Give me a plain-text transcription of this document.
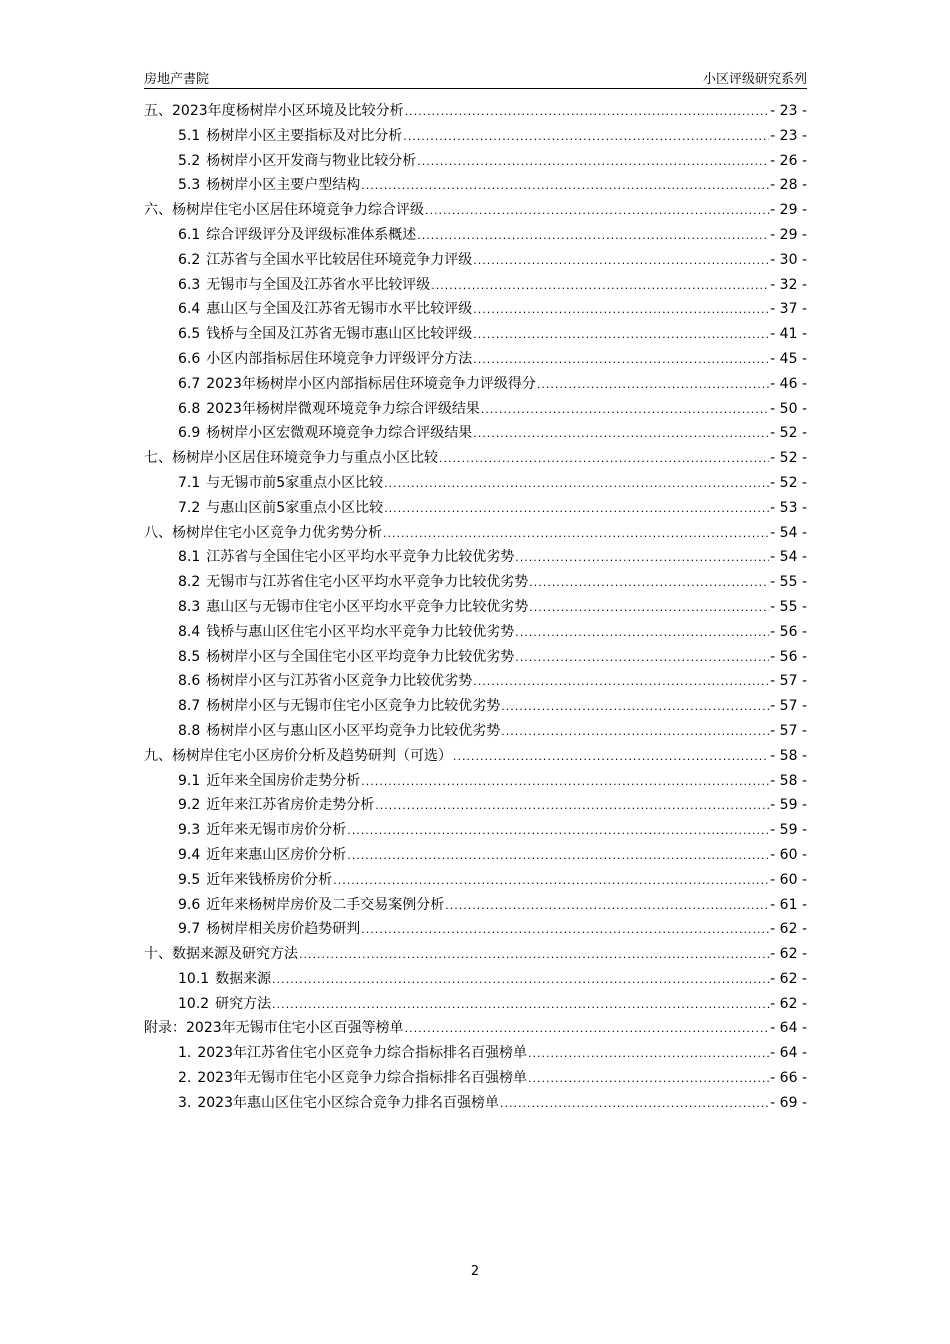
房地产書院	小区评级研究系列
五、 2023年度杨树岸小区环境及比较分析 .....	- 23 -
5.1 杨树岸小区主要指标及对比分析 .....	- 23 -
5.2 杨树岸小区开发商与物业比较分析 .....	- 26 -
5.3 杨树岸小区主要户型结构 .....	- 28 -
六、 杨树岸住宅小区居住环境竞争力综合评级 .....	- 29 -
6.1 综合评级评分及评级标准体系概述 .....	- 29 -
6.2 江苏省与全国水平比较居住环境竞争力评级 .....	- 30 -
6.3 无锡市与全国及江苏省水平比较评级 .....	- 32 -
6.4 惠山区与全国及江苏省无锡市水平比较评级 .....	- 37 -
6.5 钱桥与全国及江苏省无锡市惠山区比较评级 .....	- 41 -
6.6 小区内部指标居住环境竞争力评级评分方法 .....	- 45 -
6.7 2023年杨树岸小区内部指标居住环境竞争力评级得分 .....	- 46 -
6.8 2023年杨树岸微观环境竞争力综合评级结果 .....	- 50 -
6.9 杨树岸小区宏微观环境竞争力综合评级结果 .....	- 52 -
七、 杨树岸小区居住环境竞争力与重点小区比较 .....	- 52 -
7.1 与无锡市前5家重点小区比较 .....	- 52 -
7.2 与惠山区前5家重点小区比较 .....	- 53 -
八、 杨树岸住宅小区竞争力优劣势分析 .....	- 54 -
8.1 江苏省与全国住宅小区平均水平竞争力比较优劣势 .....	- 54 -
8.2 无锡市与江苏省住宅小区平均水平竞争力比较优劣势 .....	- 55 -
8.3 惠山区与无锡市住宅小区平均水平竞争力比较优劣势 .....	- 55 -
8.4 钱桥与惠山区住宅小区平均水平竞争力比较优劣势 .....	- 56 -
8.5 杨树岸小区与全国住宅小区平均竞争力比较优劣势 .....	- 56 -
8.6 杨树岸小区与江苏省小区竞争力比较优劣势 .....	- 57 -
8.7 杨树岸小区与无锡市住宅小区竞争力比较优劣势 .....	- 57 -
8.8 杨树岸小区与惠山区小区平均竞争力比较优劣势 .....	- 57 -
九、 杨树岸住宅小区房价分析及趋势研判（可选） .....	- 58 -
9.1 近年来全国房价走势分析 .....	- 58 -
9.2 近年来江苏省房价走势分析 .....	- 59 -
9.3 近年来无锡市房价分析 .....	- 59 -
9.4 近年来惠山区房价分析 .....	- 60 -
9.5 近年来钱桥房价分析 .....	- 60 -
9.6 近年来杨树岸房价及二手交易案例分析 .....	- 61 -
9.7 杨树岸相关房价趋势研判 .....	- 62 -
十、 数据来源及研究方法 .....	- 62 -
10.1 数据来源 .....	- 62 -
10.2 研究方法 .....	- 62 -
附录： 2023年无锡市住宅小区百强等榜单 .....	- 64 -
1. 2023年江苏省住宅小区竞争力综合指标排名百强榜单 .....	- 64 -
2. 2023年无锡市住宅小区竞争力综合指标排名百强榜单 .....	- 66 -
3. 2023年惠山区住宅小区综合竞争力排名百强榜单 .....	- 69 -
2
